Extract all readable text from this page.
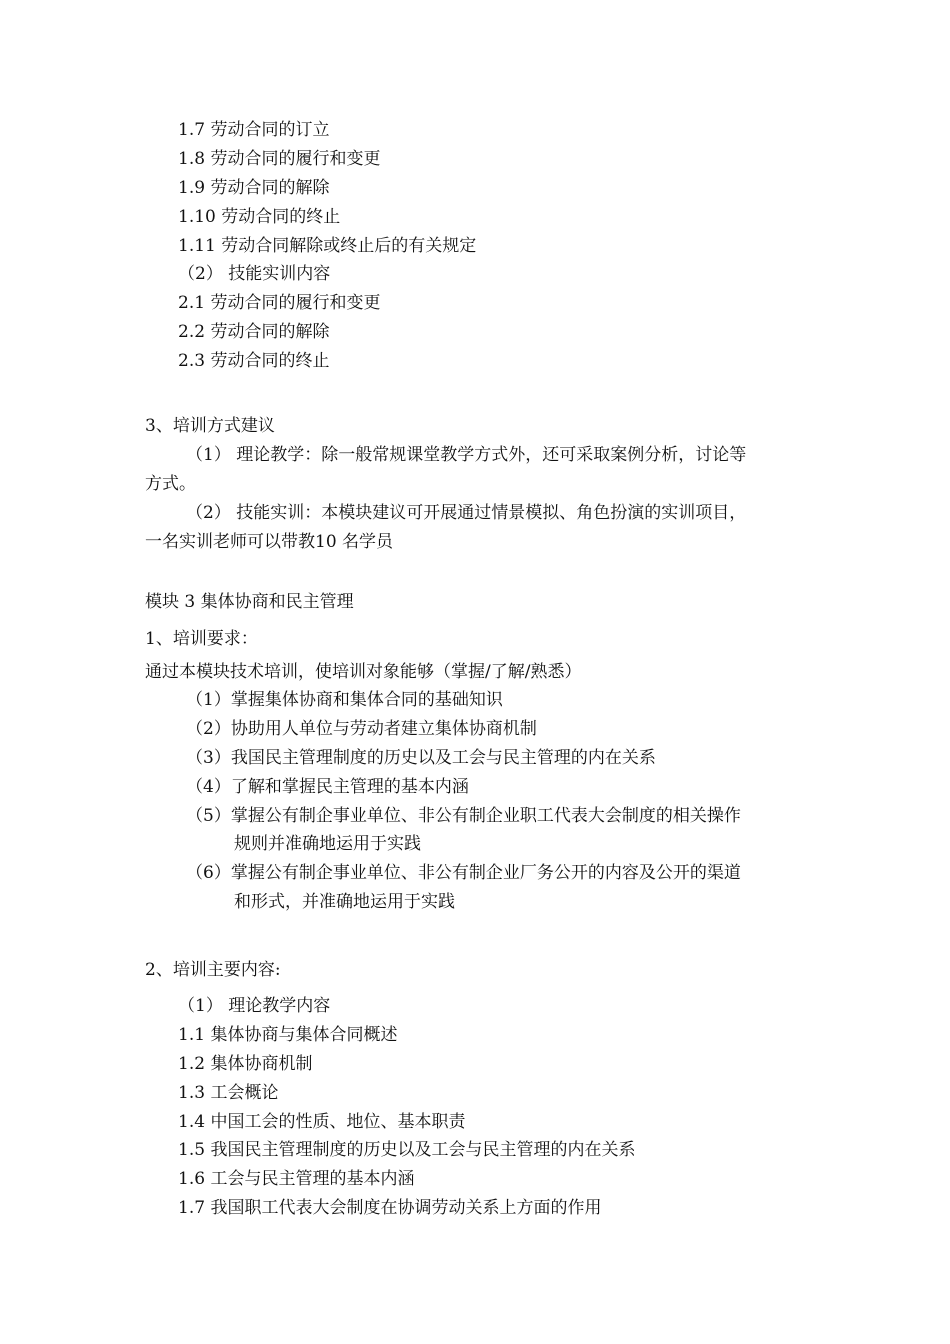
1.7 劳动合同的订立
1.8 劳动合同的履行和变更
1.9 劳动合同的解除
1.10 劳动合同的终止
1.11 劳动合同解除或终止后的有关规定
（2） 技能实训内容
2.1 劳动合同的履行和变更
2.2 劳动合同的解除
2.3 劳动合同的终止
3、培训方式建议
（1） 理论教学：除一般常规课堂教学方式外，还可采取案例分析，讨论等
方式。
（2） 技能实训：本模块建议可开展通过情景模拟、角色扮演的实训项目，
一名实训老师可以带教10 名学员
模块 3 集体协商和民主管理
1、培训要求：
通过本模块技术培训，使培训对象能够（掌握/了解/熟悉）
（1）掌握集体协商和集体合同的基础知识
（2）协助用人单位与劳动者建立集体协商机制
（3）我国民主管理制度的历史以及工会与民主管理的内在关系
（4）了解和掌握民主管理的基本内涵
（5）掌握公有制企事业单位、非公有制企业职工代表大会制度的相关操作
规则并准确地运用于实践
（6）掌握公有制企事业单位、非公有制企业厂务公开的内容及公开的渠道
和形式，并准确地运用于实践
2、培训主要内容:
（1） 理论教学内容
1.1 集体协商与集体合同概述
1.2 集体协商机制
1.3 工会概论
1.4 中国工会的性质、地位、基本职责
1.5 我国民主管理制度的历史以及工会与民主管理的内在关系
1.6 工会与民主管理的基本内涵
1.7 我国职工代表大会制度在协调劳动关系上方面的作用
